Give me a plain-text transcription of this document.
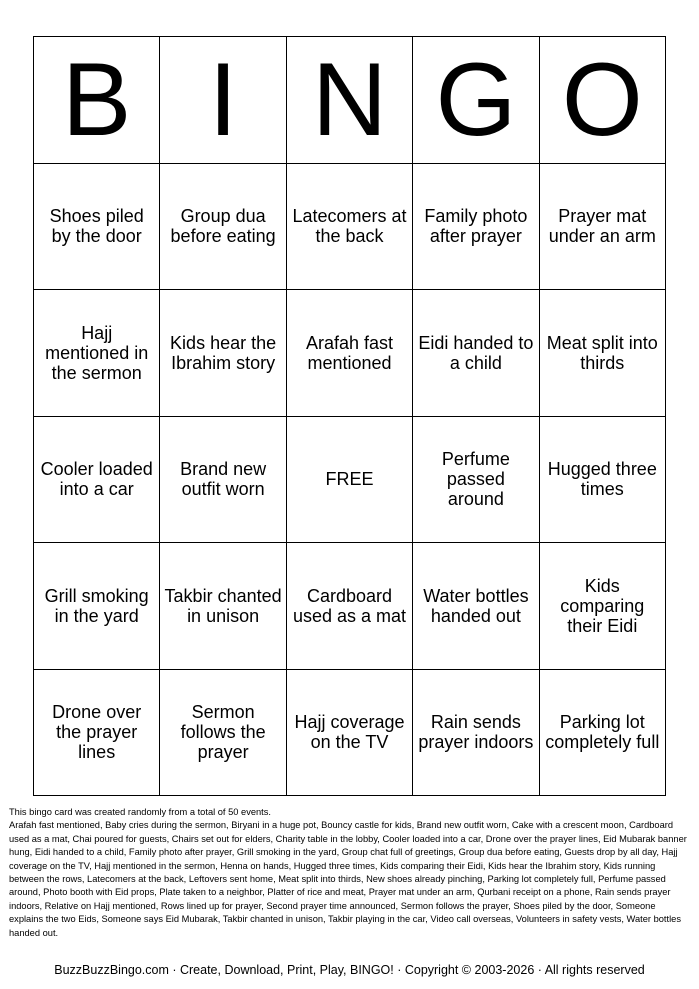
B I N G O
Shoes piled by the door
Group dua before eating
Latecomers at the back
Family photo after prayer
Prayer mat under an arm
Hajj mentioned in the sermon
Kids hear the Ibrahim story
Arafah fast mentioned
Eidi handed to a child
Meat split into thirds
Cooler loaded into a car
Brand new outfit worn	FREE
Perfume passed around
Hugged three times
Grill smoking in the yard
Takbir chanted in unison
Cardboard used as a mat
Water bottles handed out
Kids comparing their Eidi
Drone over the prayer lines
Sermon follows the prayer
Hajj coverage on the TV
Rain sends prayer indoors
Parking lot completely full

This bingo card was created randomly from a total of 50 events.

Arafah fast mentioned, Baby cries during the sermon, Biryani in a huge pot, Bouncy castle for kids, Brand new outfit worn, Cake with a crescent moon, Cardboard used as a mat, Chai poured for guests, Chairs set out for elders, Charity table in the lobby, Cooler loaded into a car, Drone over the prayer lines, Eid Mubarak banner hung, Eidi handed to a child, Family photo after prayer, Grill smoking in the yard, Group chat full of greetings, Group dua before eating, Guests drop by all day, Hajj coverage on the TV, Hajj mentioned in the sermon, Henna on hands, Hugged three times, Kids comparing their Eidi, Kids hear the Ibrahim story, Kids running between the rows, Latecomers at the back, Leftovers sent home, Meat split into thirds, New shoes already pinching, Parking lot completely full, Perfume passed around, Photo booth with Eid props, Plate taken to a neighbor, Platter of rice and meat, Prayer mat under an arm, Qurbani receipt on a phone, Rain sends prayer indoors, Relative on Hajj mentioned, Rows lined up for prayer, Second prayer time announced, Sermon follows the prayer, Shoes piled by the door, Someone explains the two Eids, Someone says Eid Mubarak, Takbir chanted in unison, Takbir playing in the car, Video call overseas, Volunteers in safety vests, Water bottles handed out.

BuzzBuzzBingo.com · Create, Download, Print, Play, BINGO! · Copyright © 2003-2026 · All rights reserved
